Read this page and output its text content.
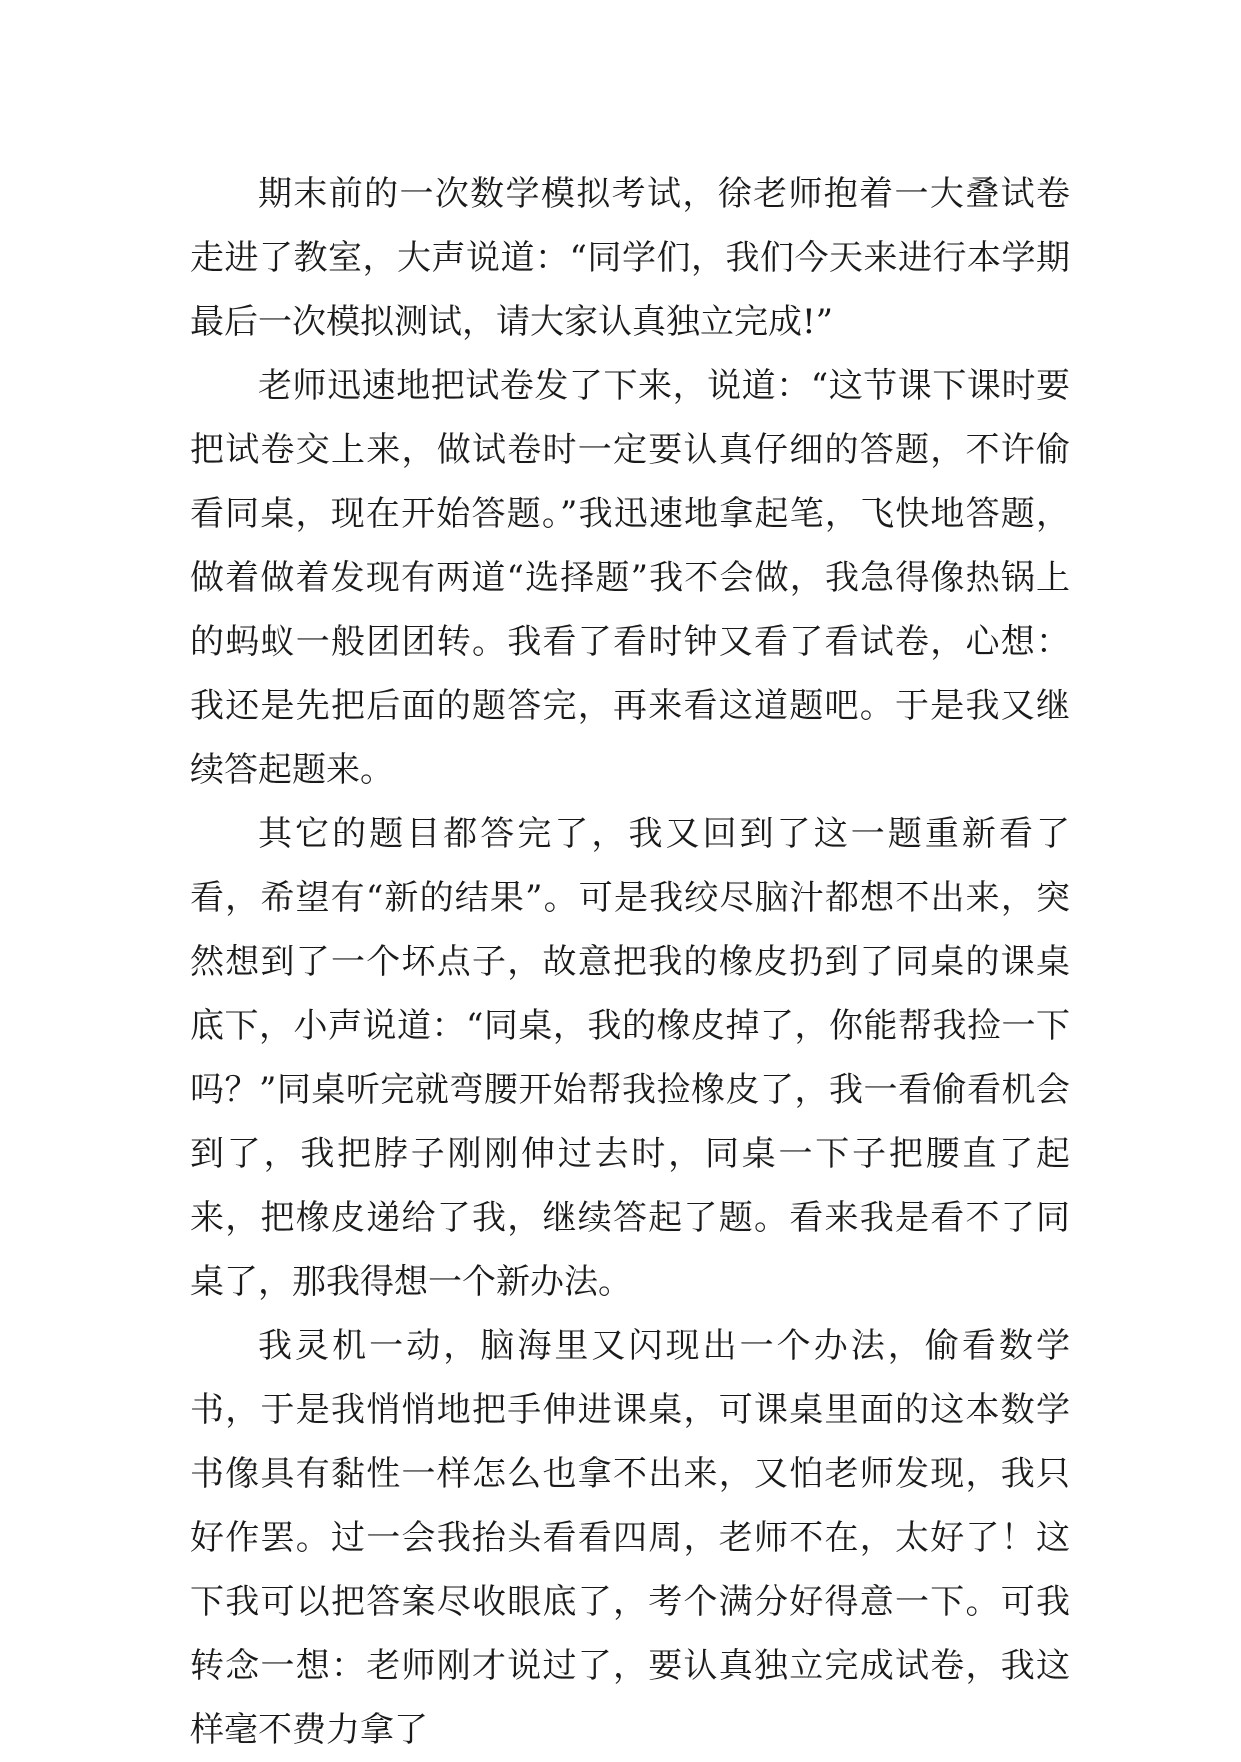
期末前的一次数学模拟考试，徐老师抱着一大叠试卷走进了教室，大声说道：“同学们，我们今天来进行本学期最后一次模拟测试，请大家认真独立完成!”

老师迅速地把试卷发了下来，说道：“这节课下课时要把试卷交上来，做试卷时一定要认真仔细的答题，不许偷看同桌，现在开始答题。”我迅速地拿起笔，飞快地答题，做着做着发现有两道“选择题”我不会做，我急得像热锅上的蚂蚁一般团团转。我看了看时钟又看了看试卷，心想：我还是先把后面的题答完，再来看这道题吧。于是我又继续答起题来。

其它的题目都答完了，我又回到了这一题重新看了看，希望有“新的结果”。可是我绞尽脑汁都想不出来，突然想到了一个坏点子，故意把我的橡皮扔到了同桌的课桌底下，小声说道：“同桌，我的橡皮掉了，你能帮我捡一下吗？”同桌听完就弯腰开始帮我捡橡皮了，我一看偷看机会到了，我把脖子刚刚伸过去时，同桌一下子把腰直了起来，把橡皮递给了我，继续答起了题。看来我是看不了同桌了，那我得想一个新办法。

我灵机一动，脑海里又闪现出一个办法，偷看数学书，于是我悄悄地把手伸进课桌，可课桌里面的这本数学书像具有黏性一样怎么也拿不出来，又怕老师发现，我只好作罢。过一会我抬头看看四周，老师不在，太好了！这下我可以把答案尽收眼底了，考个满分好得意一下。可我转念一想：老师刚才说过了，要认真独立完成试卷，我这样毫不费力拿了
